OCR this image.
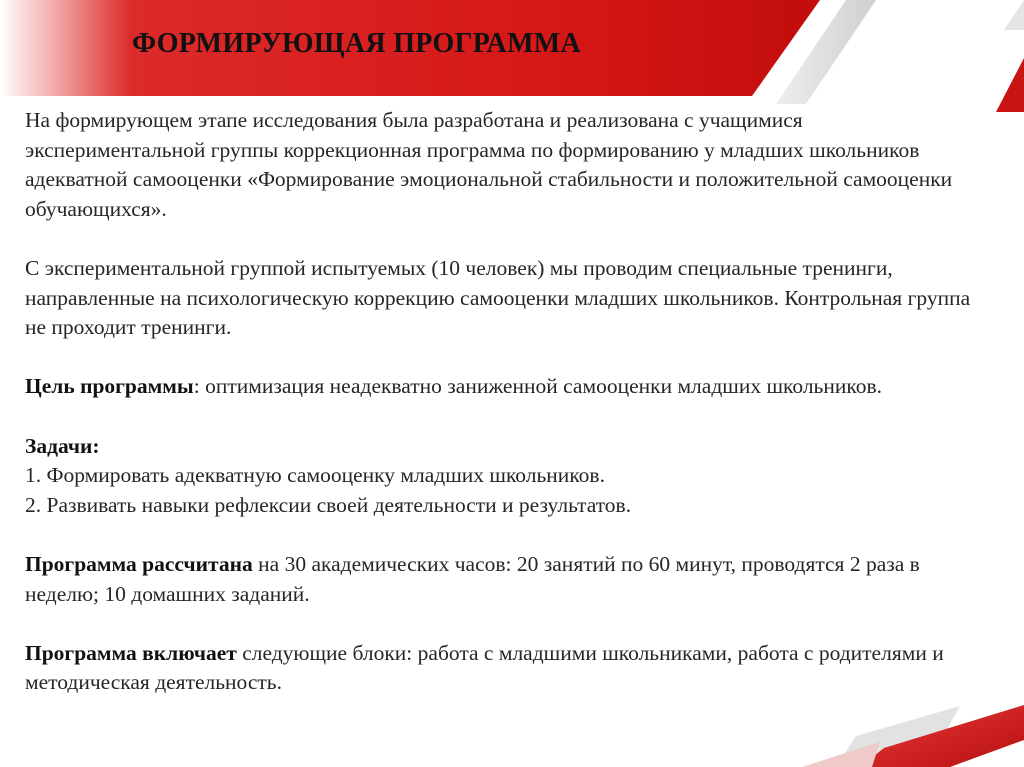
ФОРМИРУЮЩАЯ ПРОГРАММА

На формирующем этапе исследования была разработана и реализована с учащимися экспериментальной группы коррекционная программа по формированию у младших школьников адекватной самооценки «Формирование эмоциональной стабильности и положительной самооценки обучающихся».

С экспериментальной группой испытуемых (10 человек) мы проводим специальные тренинги, направленные на психологическую коррекцию самооценки младших школьников. Контрольная группа не проходит тренинги.

Цель программы: оптимизация неадекватно заниженной самооценки младших школьников.

Задачи:
1. Формировать адекватную самооценку младших школьников.
2. Развивать навыки рефлексии своей деятельности и результатов.

Программа рассчитана на 30 академических часов: 20 занятий по 60 минут, проводятся 2 раза в неделю; 10 домашних заданий.

Программа включает следующие блоки: работа с младшими школьниками, работа с родителями и методическая деятельность.
